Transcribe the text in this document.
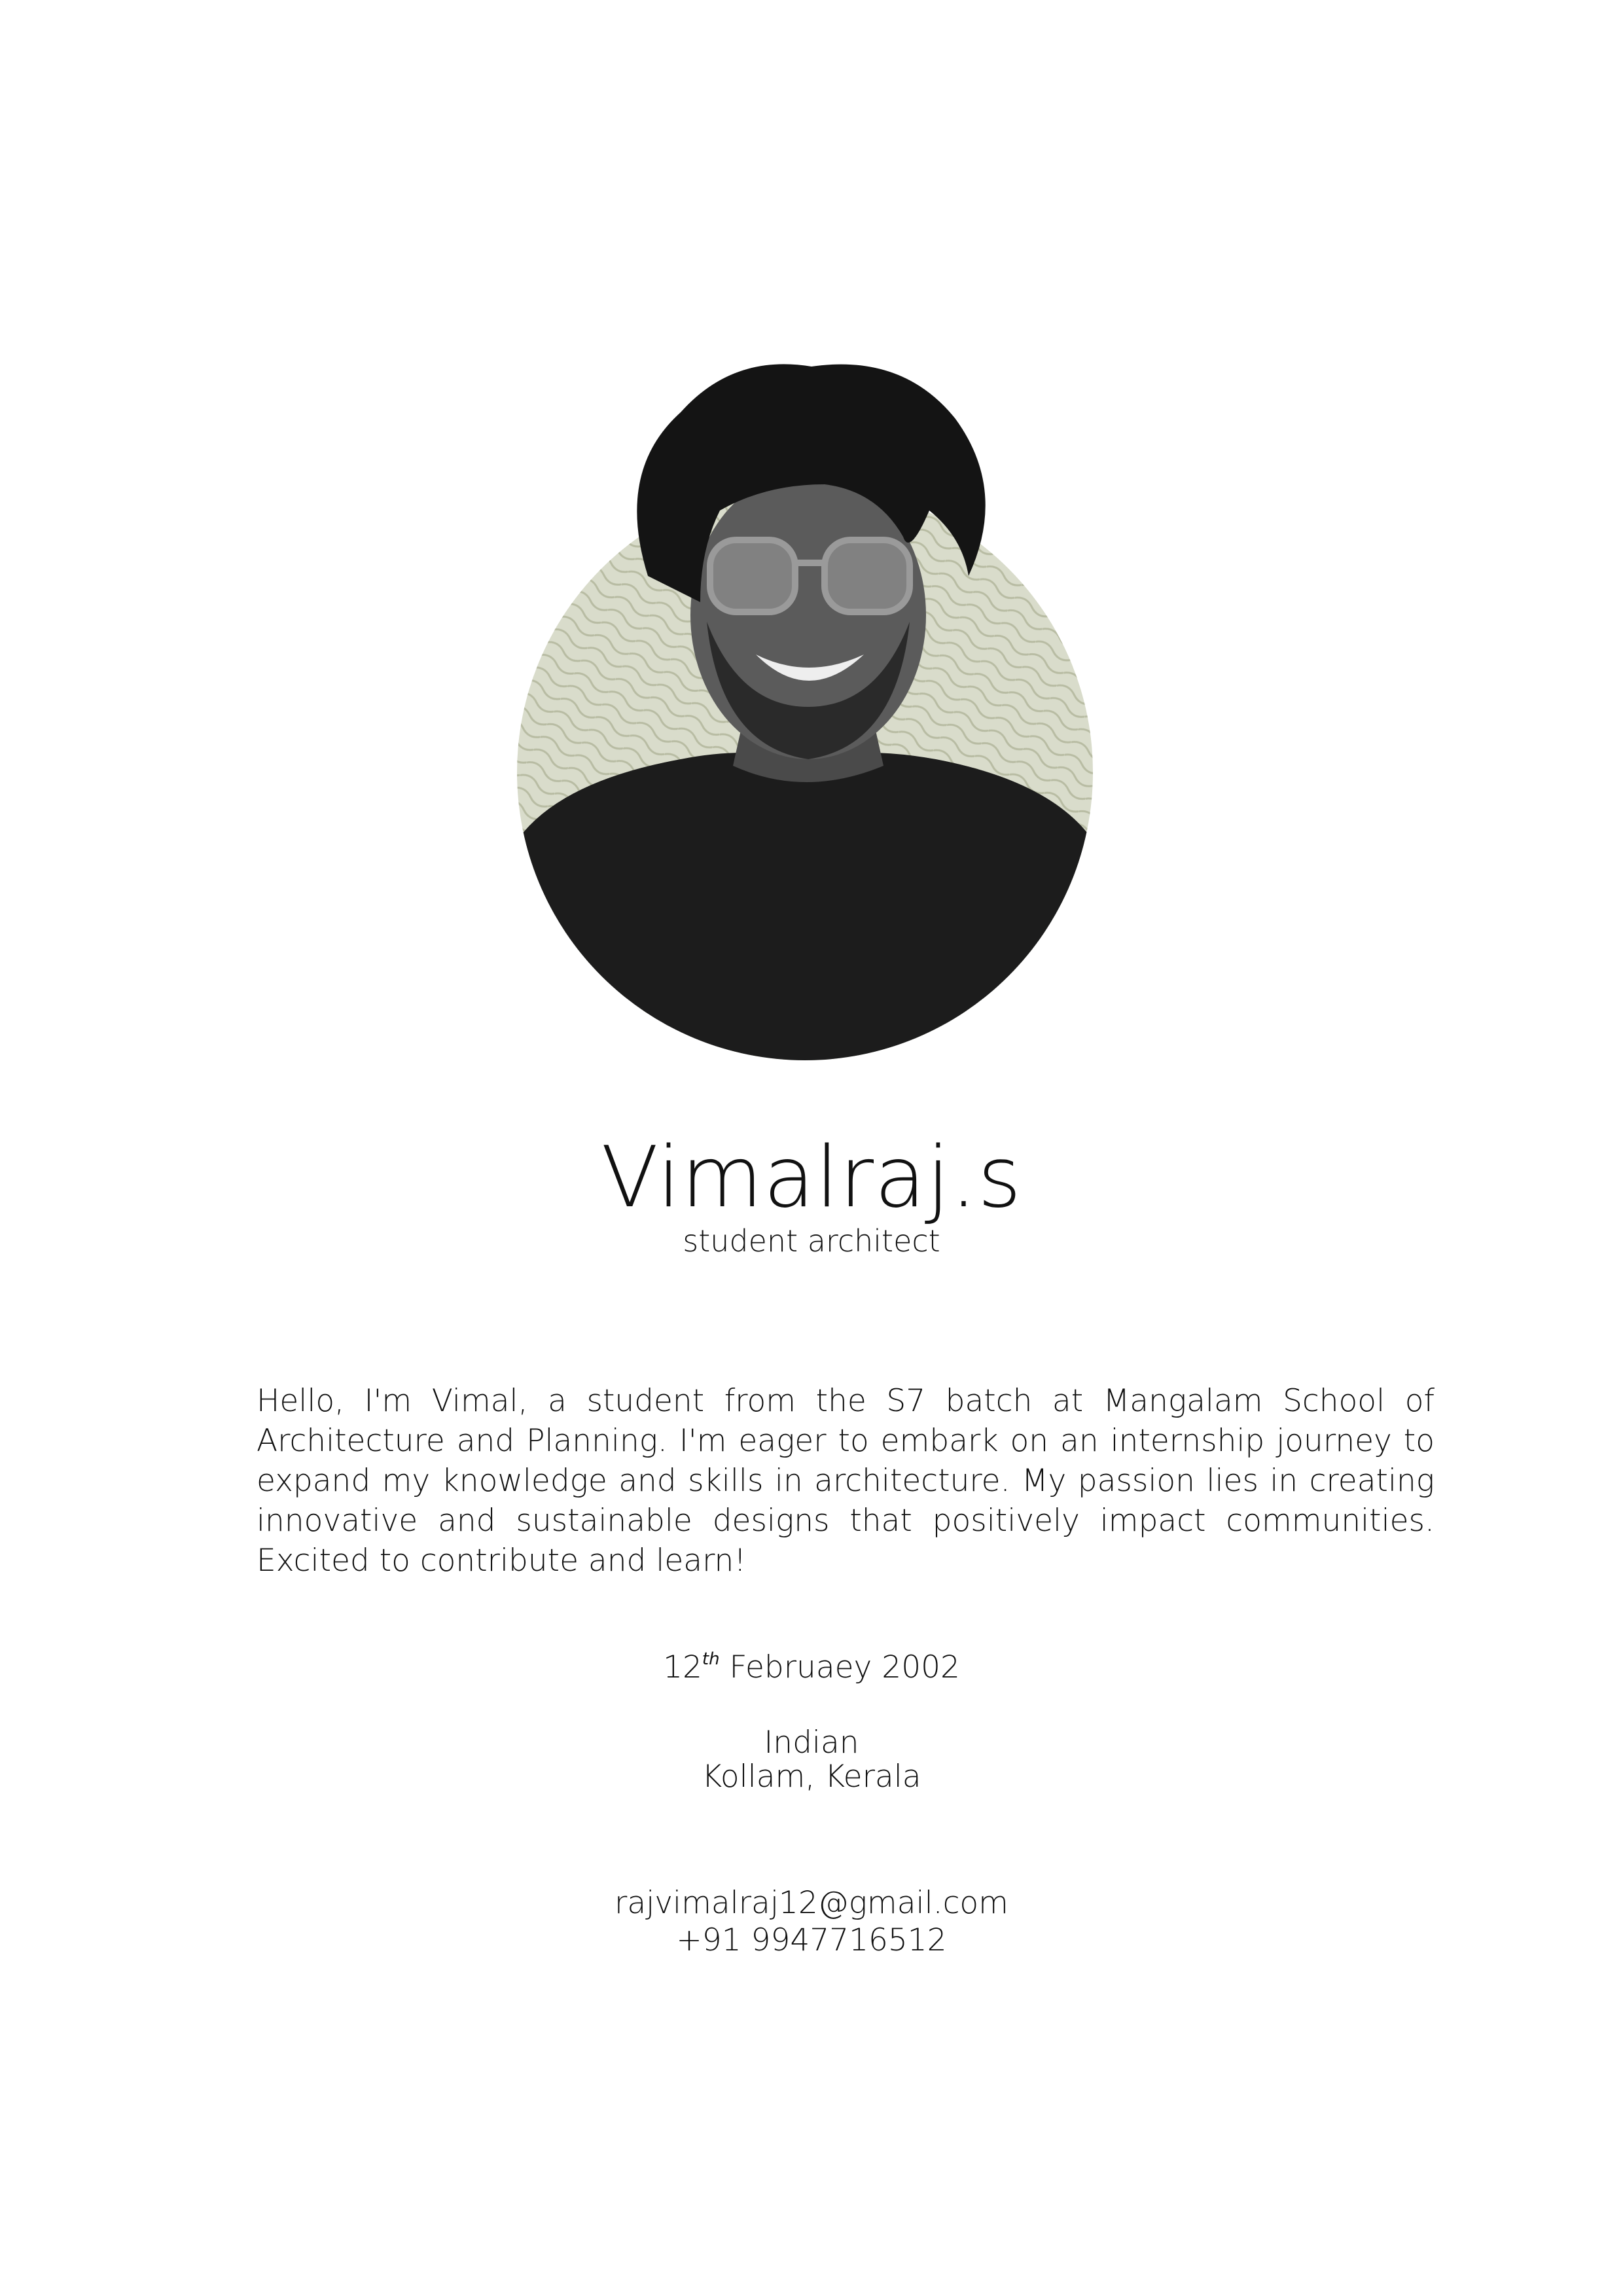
Vimalraj.s
student architect

Hello, I'm Vimal, a student from the S7 batch at Mangalam School of Architecture and Planning. I'm eager to embark on an internship journey to expand my knowledge and skills in architecture. My passion lies in creating innovative and sustainable designs that positively impact communities. Excited to contribute and learn!

12th Februaey 2002
Indian
Kollam, Kerala
rajvimalraj12@gmail.com
+91 9947716512
